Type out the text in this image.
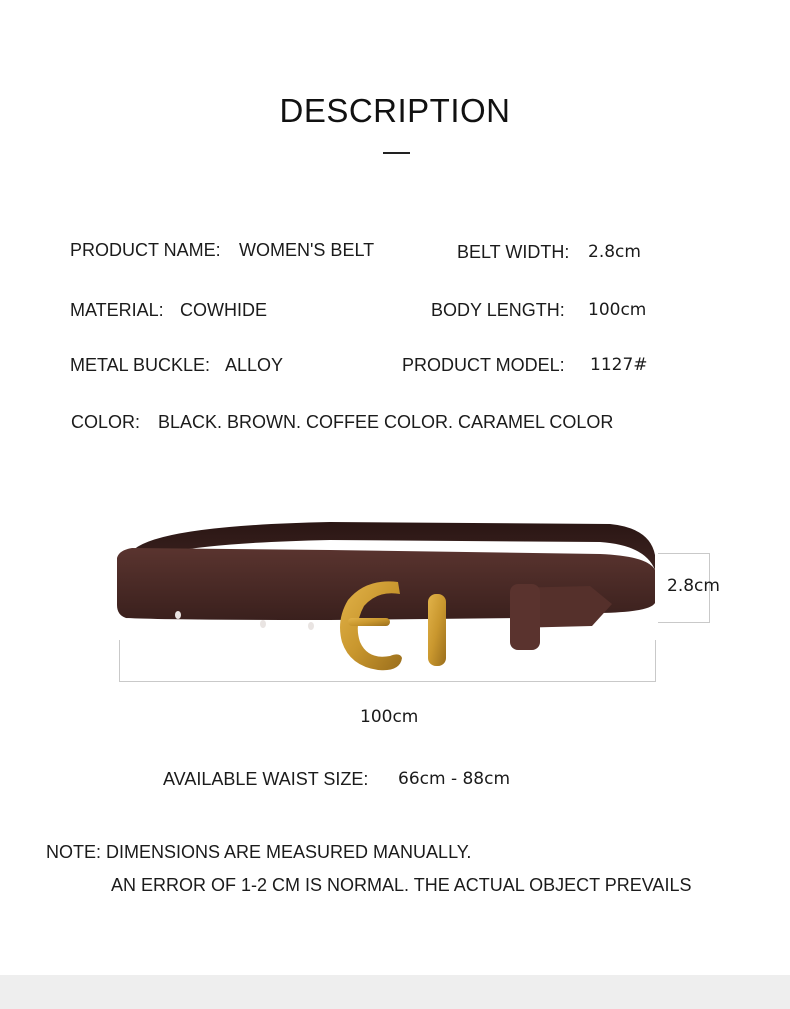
DESCRIPTION
PRODUCT NAME: WOMEN'S BELT	BELT WIDTH: 2.8cm
MATERIAL: COWHIDE	BODY LENGTH: 100cm
METAL BUCKLE: ALLOY	PRODUCT MODEL: 1127#
COLOR: BLACK. BROWN. COFFEE COLOR. CARAMEL COLOR
2.8cm
100cm
AVAILABLE WAIST SIZE: 66cm - 88cm
NOTE: DIMENSIONS ARE MEASURED MANUALLY.
AN ERROR OF 1-2 CM IS NORMAL. THE ACTUAL OBJECT PREVAILS
